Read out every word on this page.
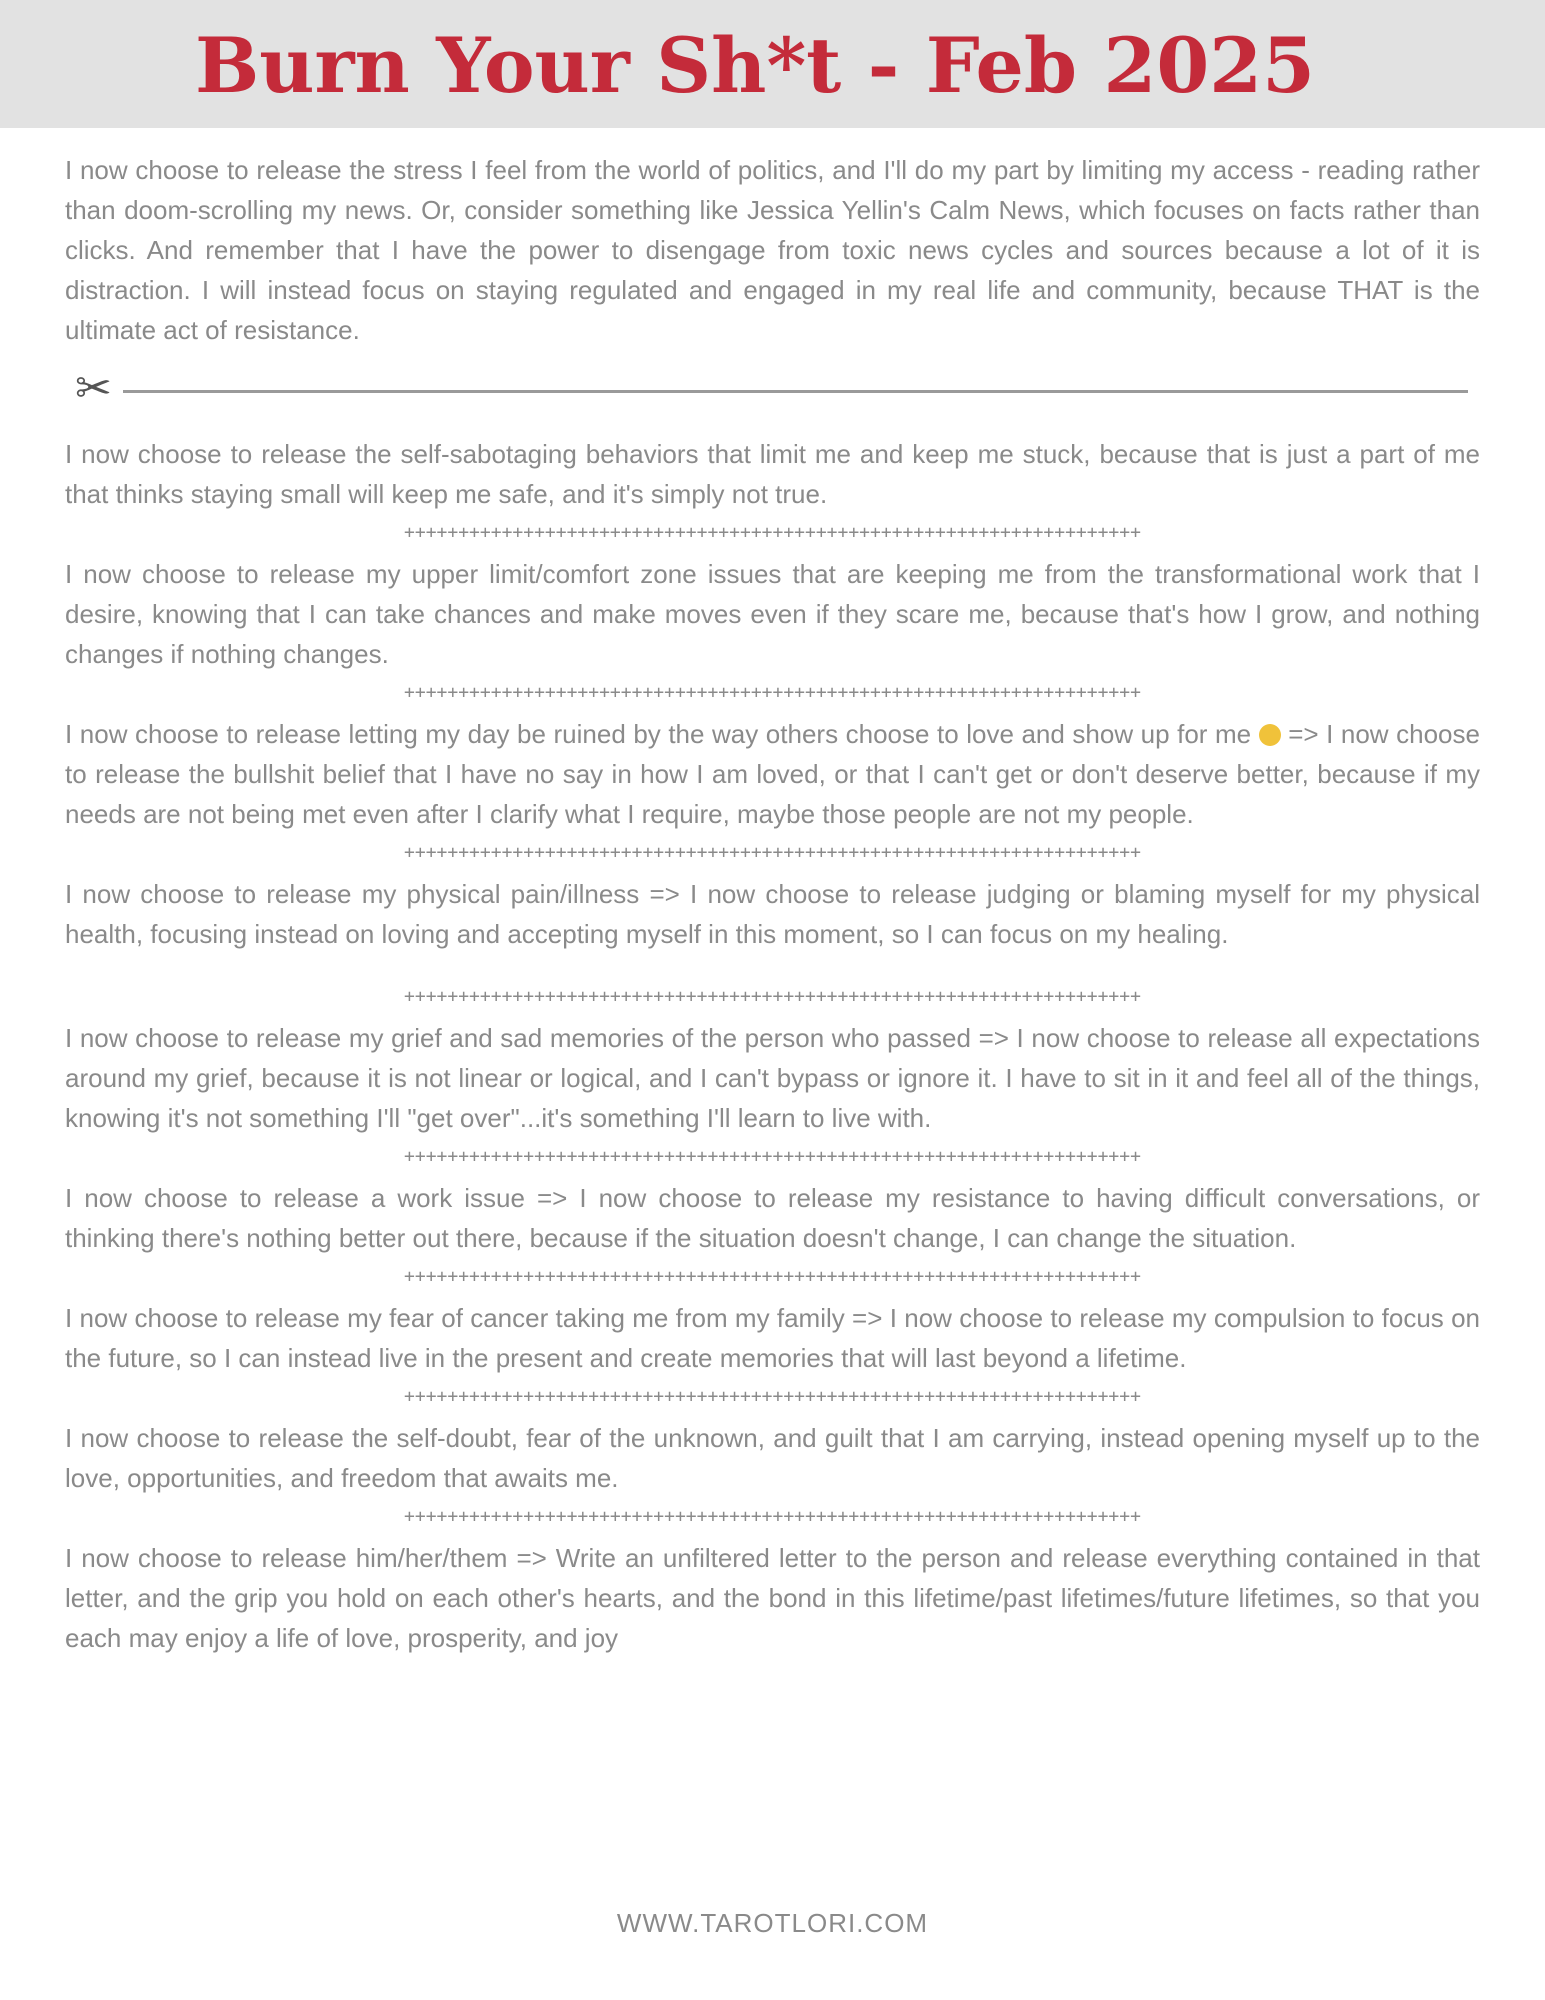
Burn Your Sh*t - Feb 2025

I now choose to release the stress I feel from the world of politics, and I'll do my part by limiting my access - reading rather than doom-scrolling my news. Or, consider something like Jessica Yellin's Calm News, which focuses on facts rather than clicks. And remember that I have the power to disengage from toxic news cycles and sources because a lot of it is distraction. I will instead focus on staying regulated and engaged in my real life and community, because THAT is the ultimate act of resistance.

✂

I now choose to release the self-sabotaging behaviors that limit me and keep me stuck, because that is just a part of me that thinks staying small will keep me safe, and it's simply not true.

++++++++++++++++++++++++++++++++++++++++++++++++++++++++++++++++++++

I now choose to release my upper limit/comfort zone issues that are keeping me from the transformational work that I desire, knowing that I can take chances and make moves even if they scare me, because that's how I grow, and nothing changes if nothing changes.

++++++++++++++++++++++++++++++++++++++++++++++++++++++++++++++++++++

I now choose to release letting my day be ruined by the way others choose to love and show up for me => I now choose to release the bullshit belief that I have no say in how I am loved, or that I can't get or don't deserve better, because if my needs are not being met even after I clarify what I require, maybe those people are not my people.

++++++++++++++++++++++++++++++++++++++++++++++++++++++++++++++++++++

I now choose to release my physical pain/illness => I now choose to release judging or blaming myself for my physical health, focusing instead on loving and accepting myself in this moment, so I can focus on my healing.

++++++++++++++++++++++++++++++++++++++++++++++++++++++++++++++++++++

I now choose to release my grief and sad memories of the person who passed => I now choose to release all expectations around my grief, because it is not linear or logical, and I can't bypass or ignore it. I have to sit in it and feel all of the things, knowing it's not something I'll "get over"...it's something I'll learn to live with.

++++++++++++++++++++++++++++++++++++++++++++++++++++++++++++++++++++

I now choose to release a work issue => I now choose to release my resistance to having difficult conversations, or thinking there's nothing better out there, because if the situation doesn't change, I can change the situation.

++++++++++++++++++++++++++++++++++++++++++++++++++++++++++++++++++++

I now choose to release my fear of cancer taking me from my family => I now choose to release my compulsion to focus on the future, so I can instead live in the present and create memories that will last beyond a lifetime.

++++++++++++++++++++++++++++++++++++++++++++++++++++++++++++++++++++

I now choose to release the self-doubt, fear of the unknown, and guilt that I am carrying, instead opening myself up to the love, opportunities, and freedom that awaits me.

++++++++++++++++++++++++++++++++++++++++++++++++++++++++++++++++++++

I now choose to release him/her/them => Write an unfiltered letter to the person and release everything contained in that letter, and the grip you hold on each other's hearts, and the bond in this lifetime/past lifetimes/future lifetimes, so that you each may enjoy a life of love, prosperity, and joy

WWW.TAROTLORI.COM
